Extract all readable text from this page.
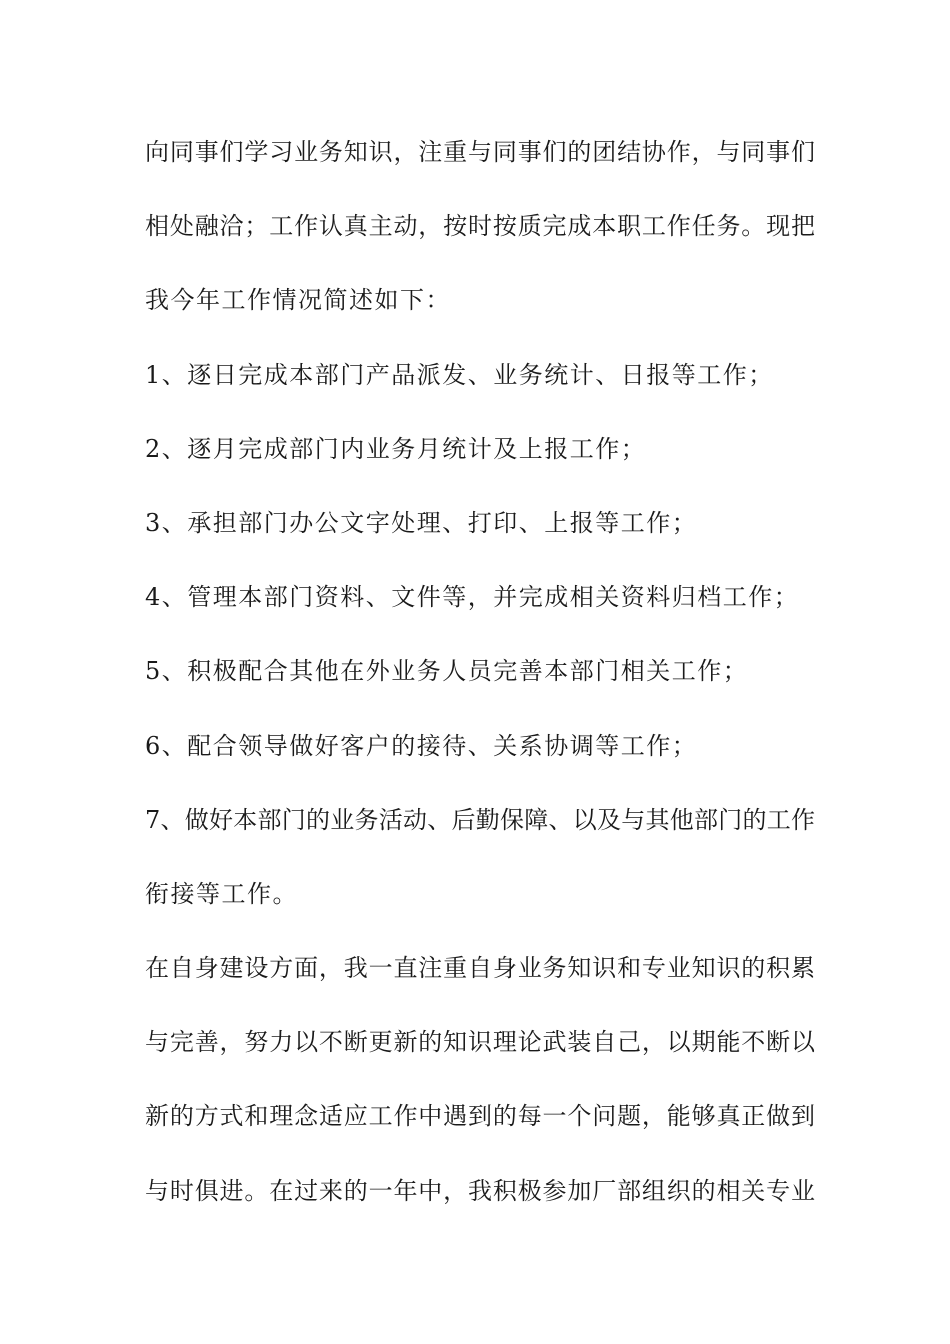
向同事们学习业务知识，注重与同事们的团结协作，与同事们
相处融洽；工作认真主动，按时按质完成本职工作任务。现把
我今年工作情况简述如下：
1、逐日完成本部门产品派发、业务统计、日报等工作；
2、逐月完成部门内业务月统计及上报工作；
3、承担部门办公文字处理、打印、上报等工作；
4、管理本部门资料、文件等，并完成相关资料归档工作；
5、积极配合其他在外业务人员完善本部门相关工作；
6、配合领导做好客户的接待、关系协调等工作；
7、做好本部门的业务活动、后勤保障、以及与其他部门的工作
衔接等工作。
在自身建设方面，我一直注重自身业务知识和专业知识的积累
与完善，努力以不断更新的知识理论武装自己，以期能不断以
新的方式和理念适应工作中遇到的每一个问题，能够真正做到
与时俱进。在过来的一年中，我积极参加厂部组织的相关专业
